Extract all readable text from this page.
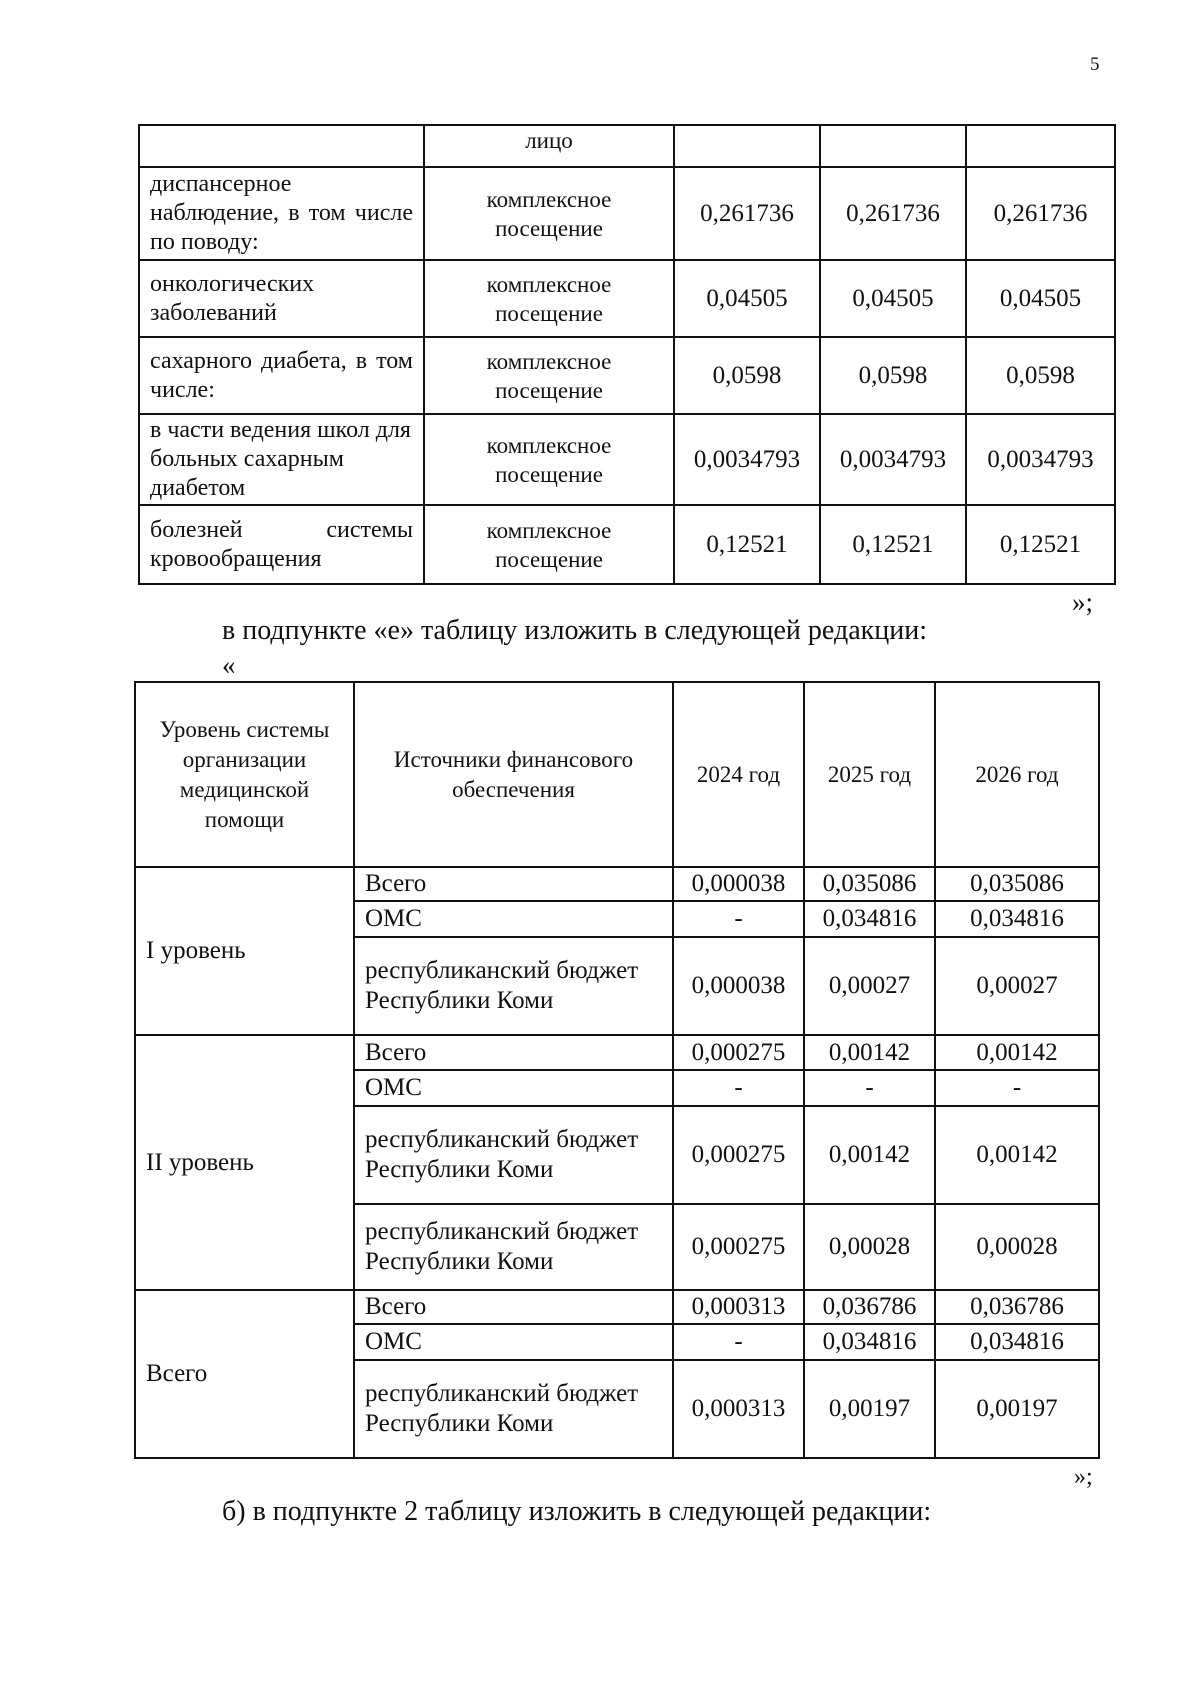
5
	лицо			
диспансерное наблюдение, в том числе по поводу:	комплексное посещение	0,261736	0,261736	0,261736
онкологических заболеваний	комплексное посещение	0,04505	0,04505	0,04505
сахарного диабета, в том числе:	комплексное посещение	0,0598	0,0598	0,0598
в части ведения школ для больных сахарным диабетом	комплексное посещение	0,0034793	0,0034793	0,0034793
болезней системы кровообращения	комплексное посещение	0,12521	0,12521	0,12521
»;
в подпункте «е» таблицу изложить в следующей редакции:
«
Уровень системы организации медицинской помощи	Источники финансового обеспечения	2024 год	2025 год	2026 год
I уровень	Всего	0,000038	0,035086	0,035086
	ОМС	-	0,034816	0,034816
	республиканский бюджет Республики Коми	0,000038	0,00027	0,00027
II уровень	Всего	0,000275	0,00142	0,00142
	ОМС	-	-	-
	республиканский бюджет Республики Коми	0,000275	0,00142	0,00142
	республиканский бюджет Республики Коми	0,000275	0,00028	0,00028
Всего	Всего	0,000313	0,036786	0,036786
	ОМС	-	0,034816	0,034816
	республиканский бюджет Республики Коми	0,000313	0,00197	0,00197
»;
б) в подпункте 2 таблицу изложить в следующей редакции:
